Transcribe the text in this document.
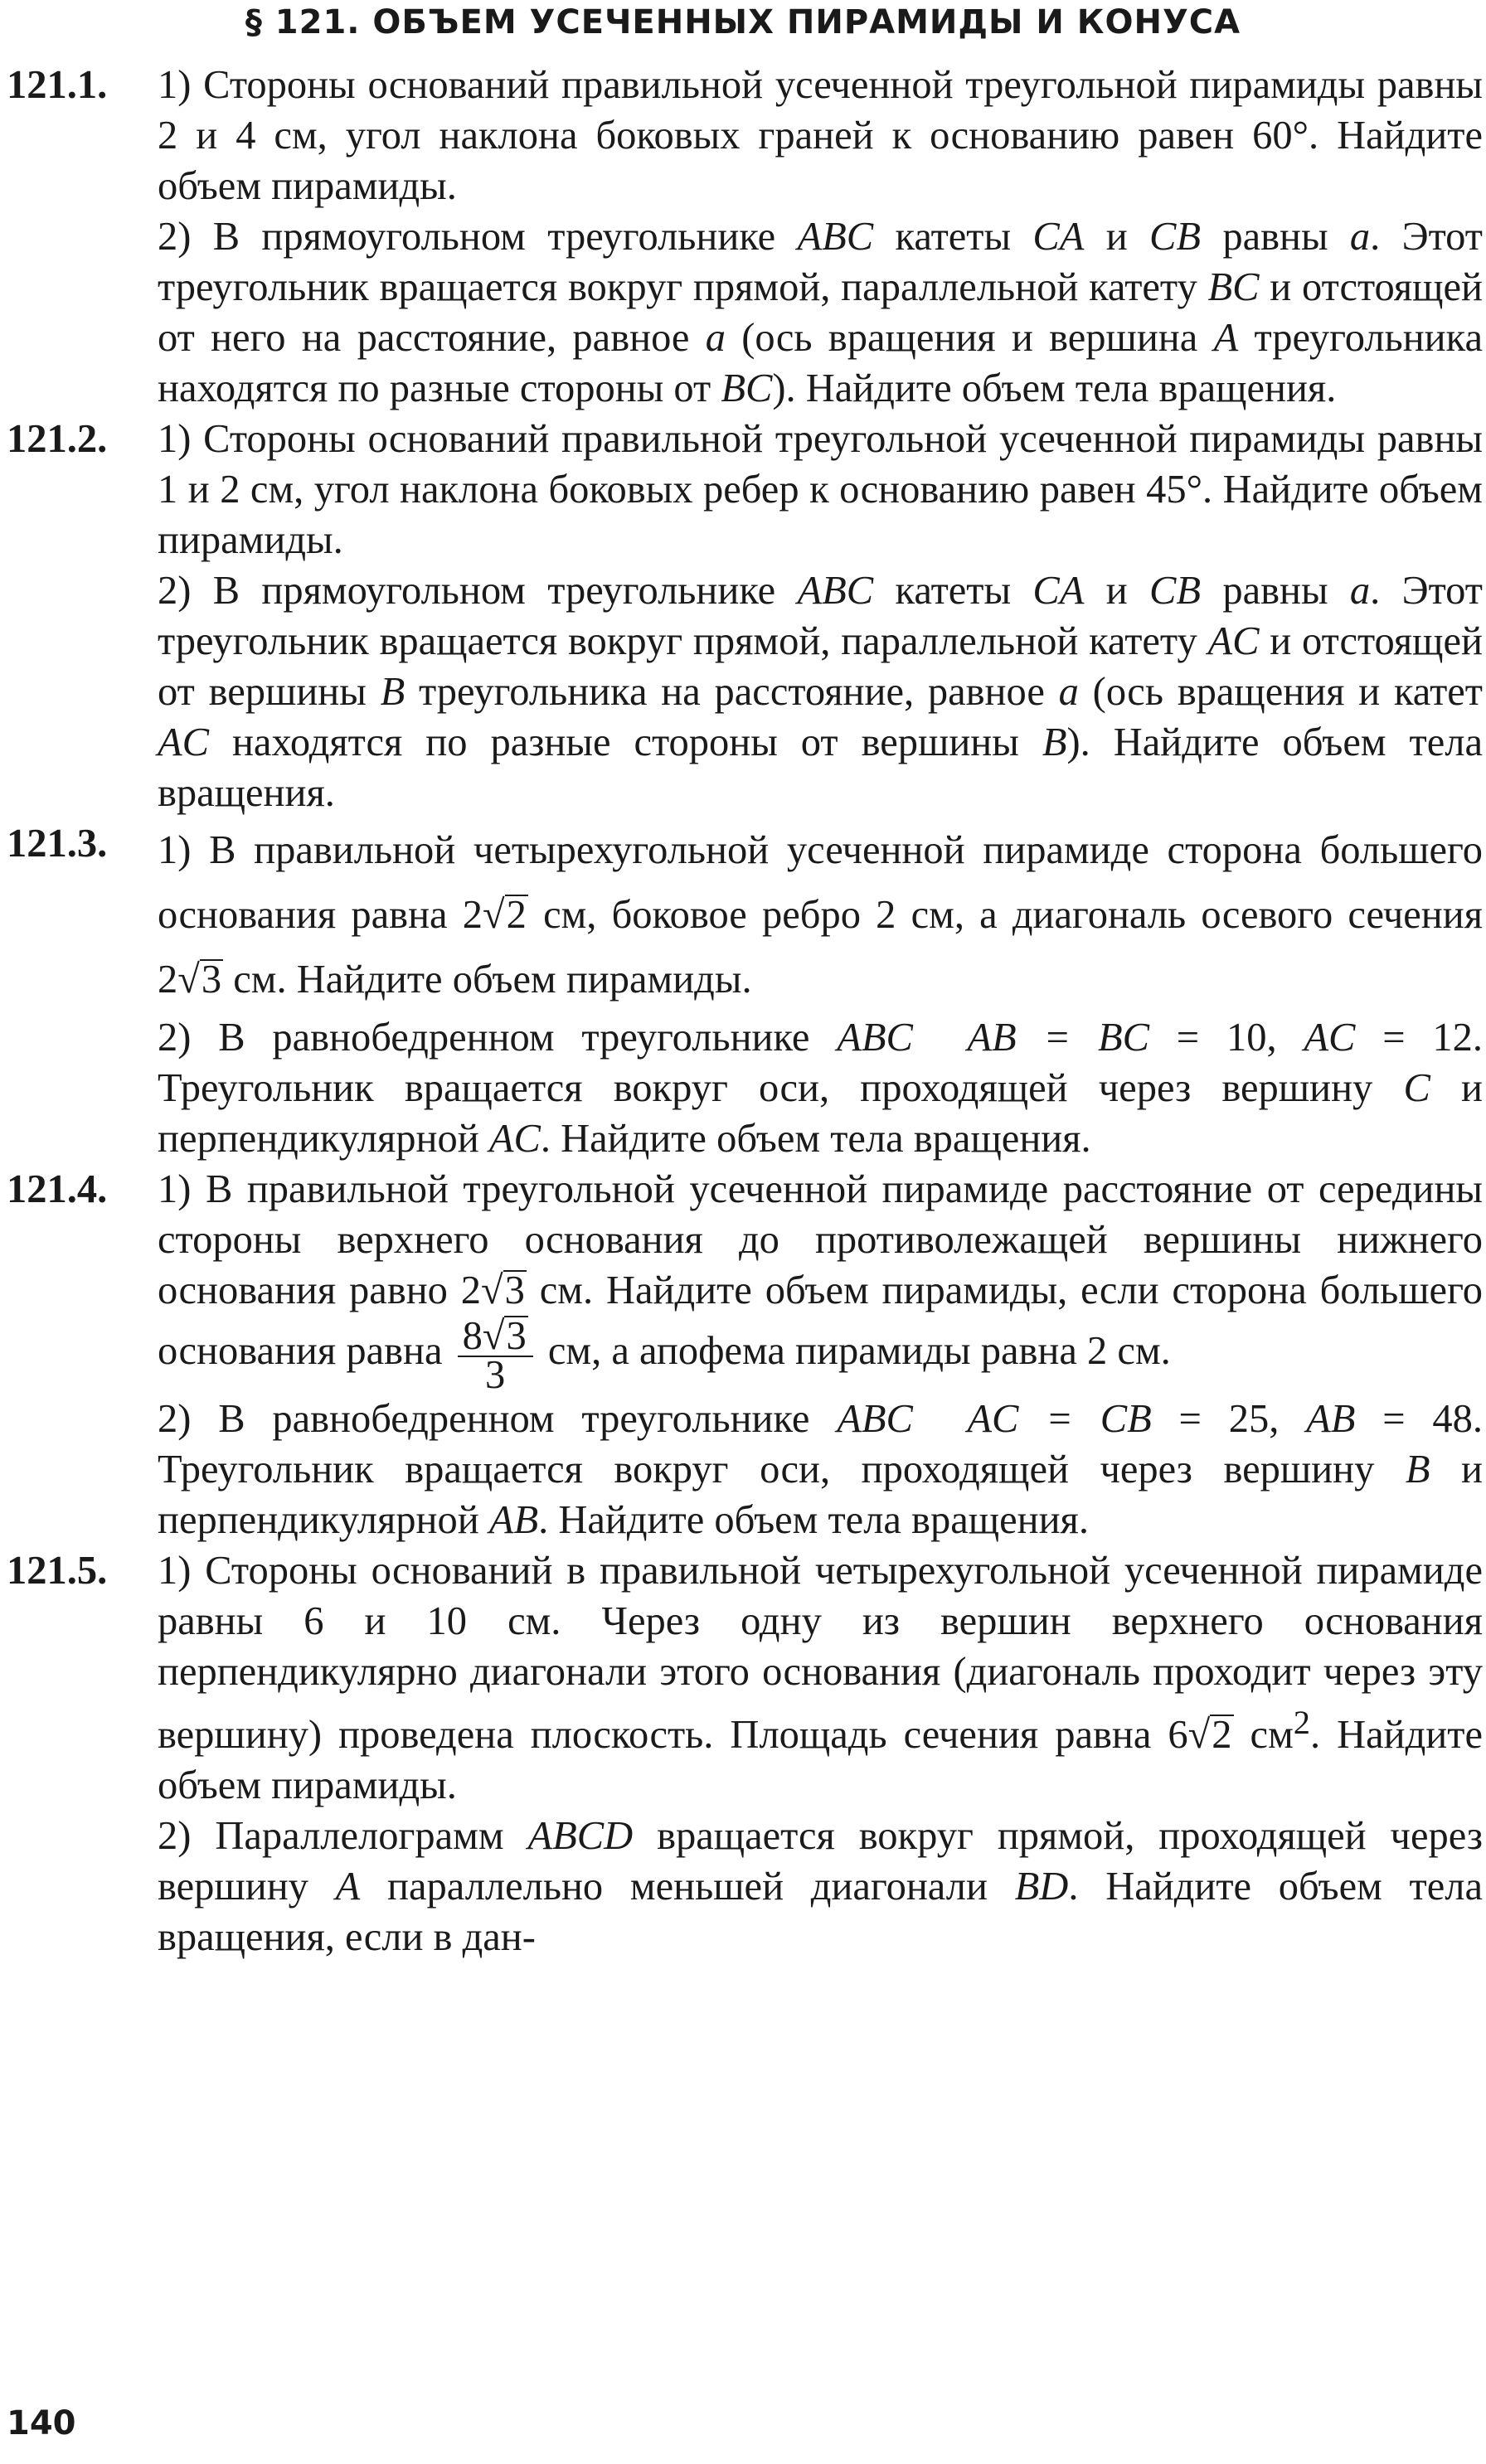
§ 121. ОБЪЕМ УСЕЧЕННЫХ ПИРАМИДЫ И КОНУСА
121.1. 1) Стороны оснований правильной усеченной треугольной пирамиды равны 2 и 4 см, угол наклона боковых граней к основанию равен 60°. Найдите объем пирамиды.

2) В прямоугольном треугольнике ABC катеты CA и CB равны a. Этот треугольник вращается вокруг прямой, параллельной катету BC и отстоящей от него на расстояние, равное a (ось вращения и вершина A треугольника находятся по разные стороны от BC). Найдите объем тела вращения.

121.2. 1) Стороны оснований правильной треугольной усеченной пирамиды равны 1 и 2 см, угол наклона боковых ребер к основанию равен 45°. Найдите объем пирамиды.

2) В прямоугольном треугольнике ABC катеты CA и CB равны a. Этот треугольник вращается вокруг прямой, параллельной катету AC и отстоящей от вершины B треугольника на расстояние, равное a (ось вращения и катет AC находятся по разные стороны от вершины B). Найдите объем тела вращения.

121.3. 1) В правильной четырехугольной усеченной пирамиде сторона большего основания равна 2√2 см, боковое ребро 2 см, а диагональ осевого сечения 2√3 см. Найдите объем пирамиды.

2) В равнобедренном треугольнике ABC AB = BC = 10, AC = 12. Треугольник вращается вокруг оси, проходящей через вершину C и перпендикулярной AC. Найдите объем тела вращения.

121.4. 1) В правильной треугольной усеченной пирамиде расстояние от середины стороны верхнего основания до противолежащей вершины нижнего основания равно 2√3 см. Найдите объем пирамиды, если сторона большего основания равна $\frac{8√3}{3}$ см, а апофема пирамиды равна 2 см.

2) В равнобедренном треугольнике ABC AC = CB = 25, AB = 48. Треугольник вращается вокруг оси, проходящей через вершину B и перпендикулярной AB. Найдите объем тела вращения.

121.5. 1) Стороны оснований в правильной четырехугольной усеченной пирамиде равны 6 и 10 см. Через одну из вершин верхнего основания перпендикулярно диагонали этого основания (диагональ проходит через эту вершину) проведена плоскость. Площадь сечения равна 6√2 $см^2$. Найдите объем пирамиды.

2) Параллелограмм ABCD вращается вокруг прямой, проходящей через вершину A параллельно меньшей диагонали BD. Найдите объем тела вращения, если в дан-

140
